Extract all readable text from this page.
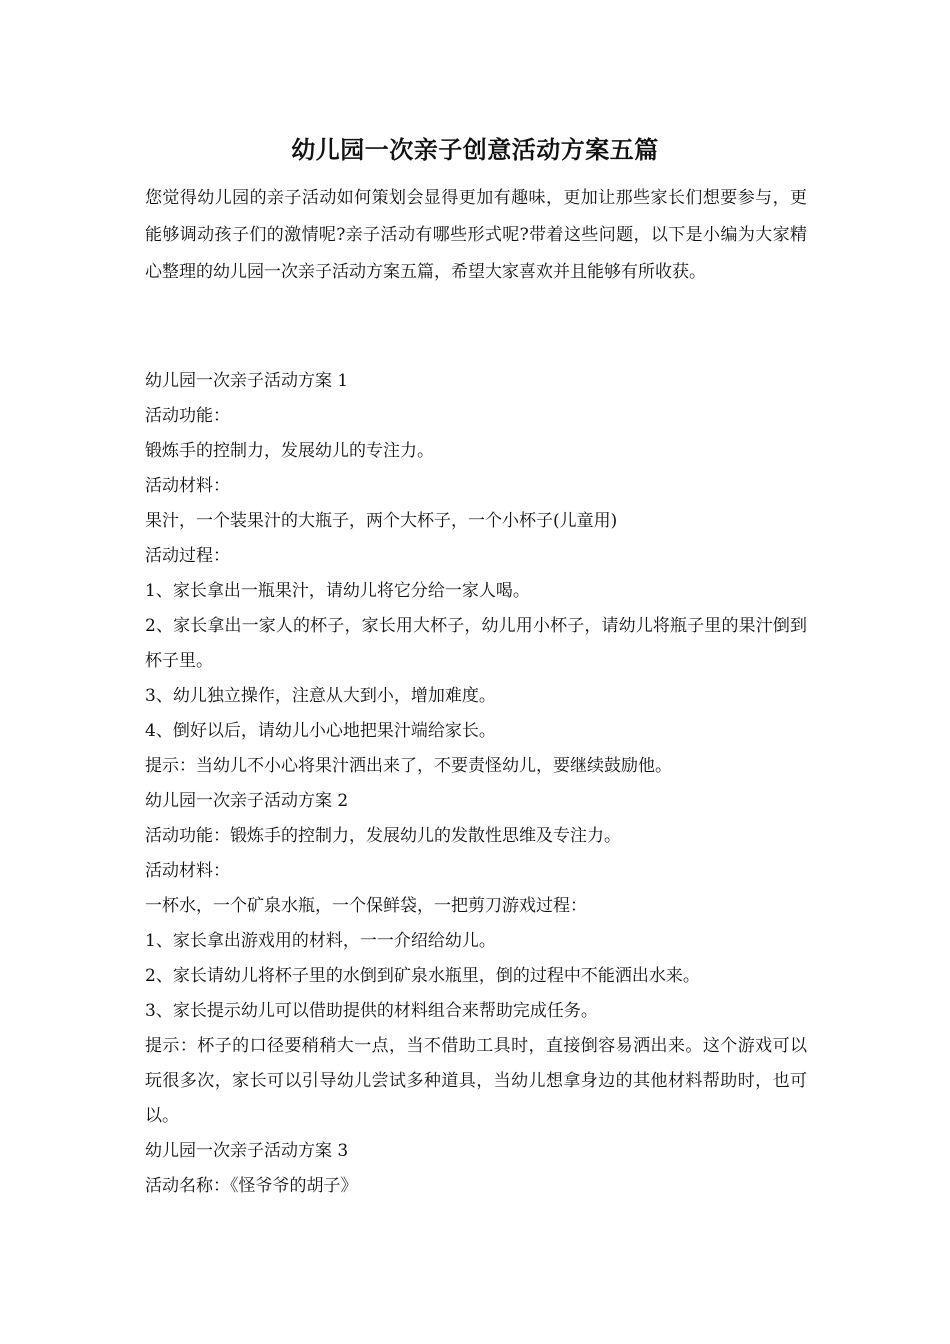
幼儿园一次亲子创意活动方案五篇
您觉得幼儿园的亲子活动如何策划会显得更加有趣味，更加让那些家长们想要参与，更能够调动孩子们的激情呢?亲子活动有哪些形式呢?带着这些问题，以下是小编为大家精心整理的幼儿园一次亲子活动方案五篇，希望大家喜欢并且能够有所收获。
幼儿园一次亲子活动方案 1
活动功能：
锻炼手的控制力，发展幼儿的专注力。
活动材料：
果汁，一个装果汁的大瓶子，两个大杯子，一个小杯子(儿童用)
活动过程：
1、家长拿出一瓶果汁，请幼儿将它分给一家人喝。
2、家长拿出一家人的杯子，家长用大杯子，幼儿用小杯子，请幼儿将瓶子里的果汁倒到杯子里。
3、幼儿独立操作，注意从大到小，增加难度。
4、倒好以后，请幼儿小心地把果汁端给家长。
提示：当幼儿不小心将果汁洒出来了，不要责怪幼儿，要继续鼓励他。
幼儿园一次亲子活动方案 2
活动功能：锻炼手的控制力，发展幼儿的发散性思维及专注力。
活动材料：
一杯水，一个矿泉水瓶，一个保鲜袋，一把剪刀游戏过程：
1、家长拿出游戏用的材料，一一介绍给幼儿。
2、家长请幼儿将杯子里的水倒到矿泉水瓶里，倒的过程中不能洒出水来。
3、家长提示幼儿可以借助提供的材料组合来帮助完成任务。
提示：杯子的口径要稍稍大一点，当不借助工具时，直接倒容易洒出来。这个游戏可以玩很多次，家长可以引导幼儿尝试多种道具，当幼儿想拿身边的其他材料帮助时，也可以。
幼儿园一次亲子活动方案 3
活动名称：《怪爷爷的胡子》
